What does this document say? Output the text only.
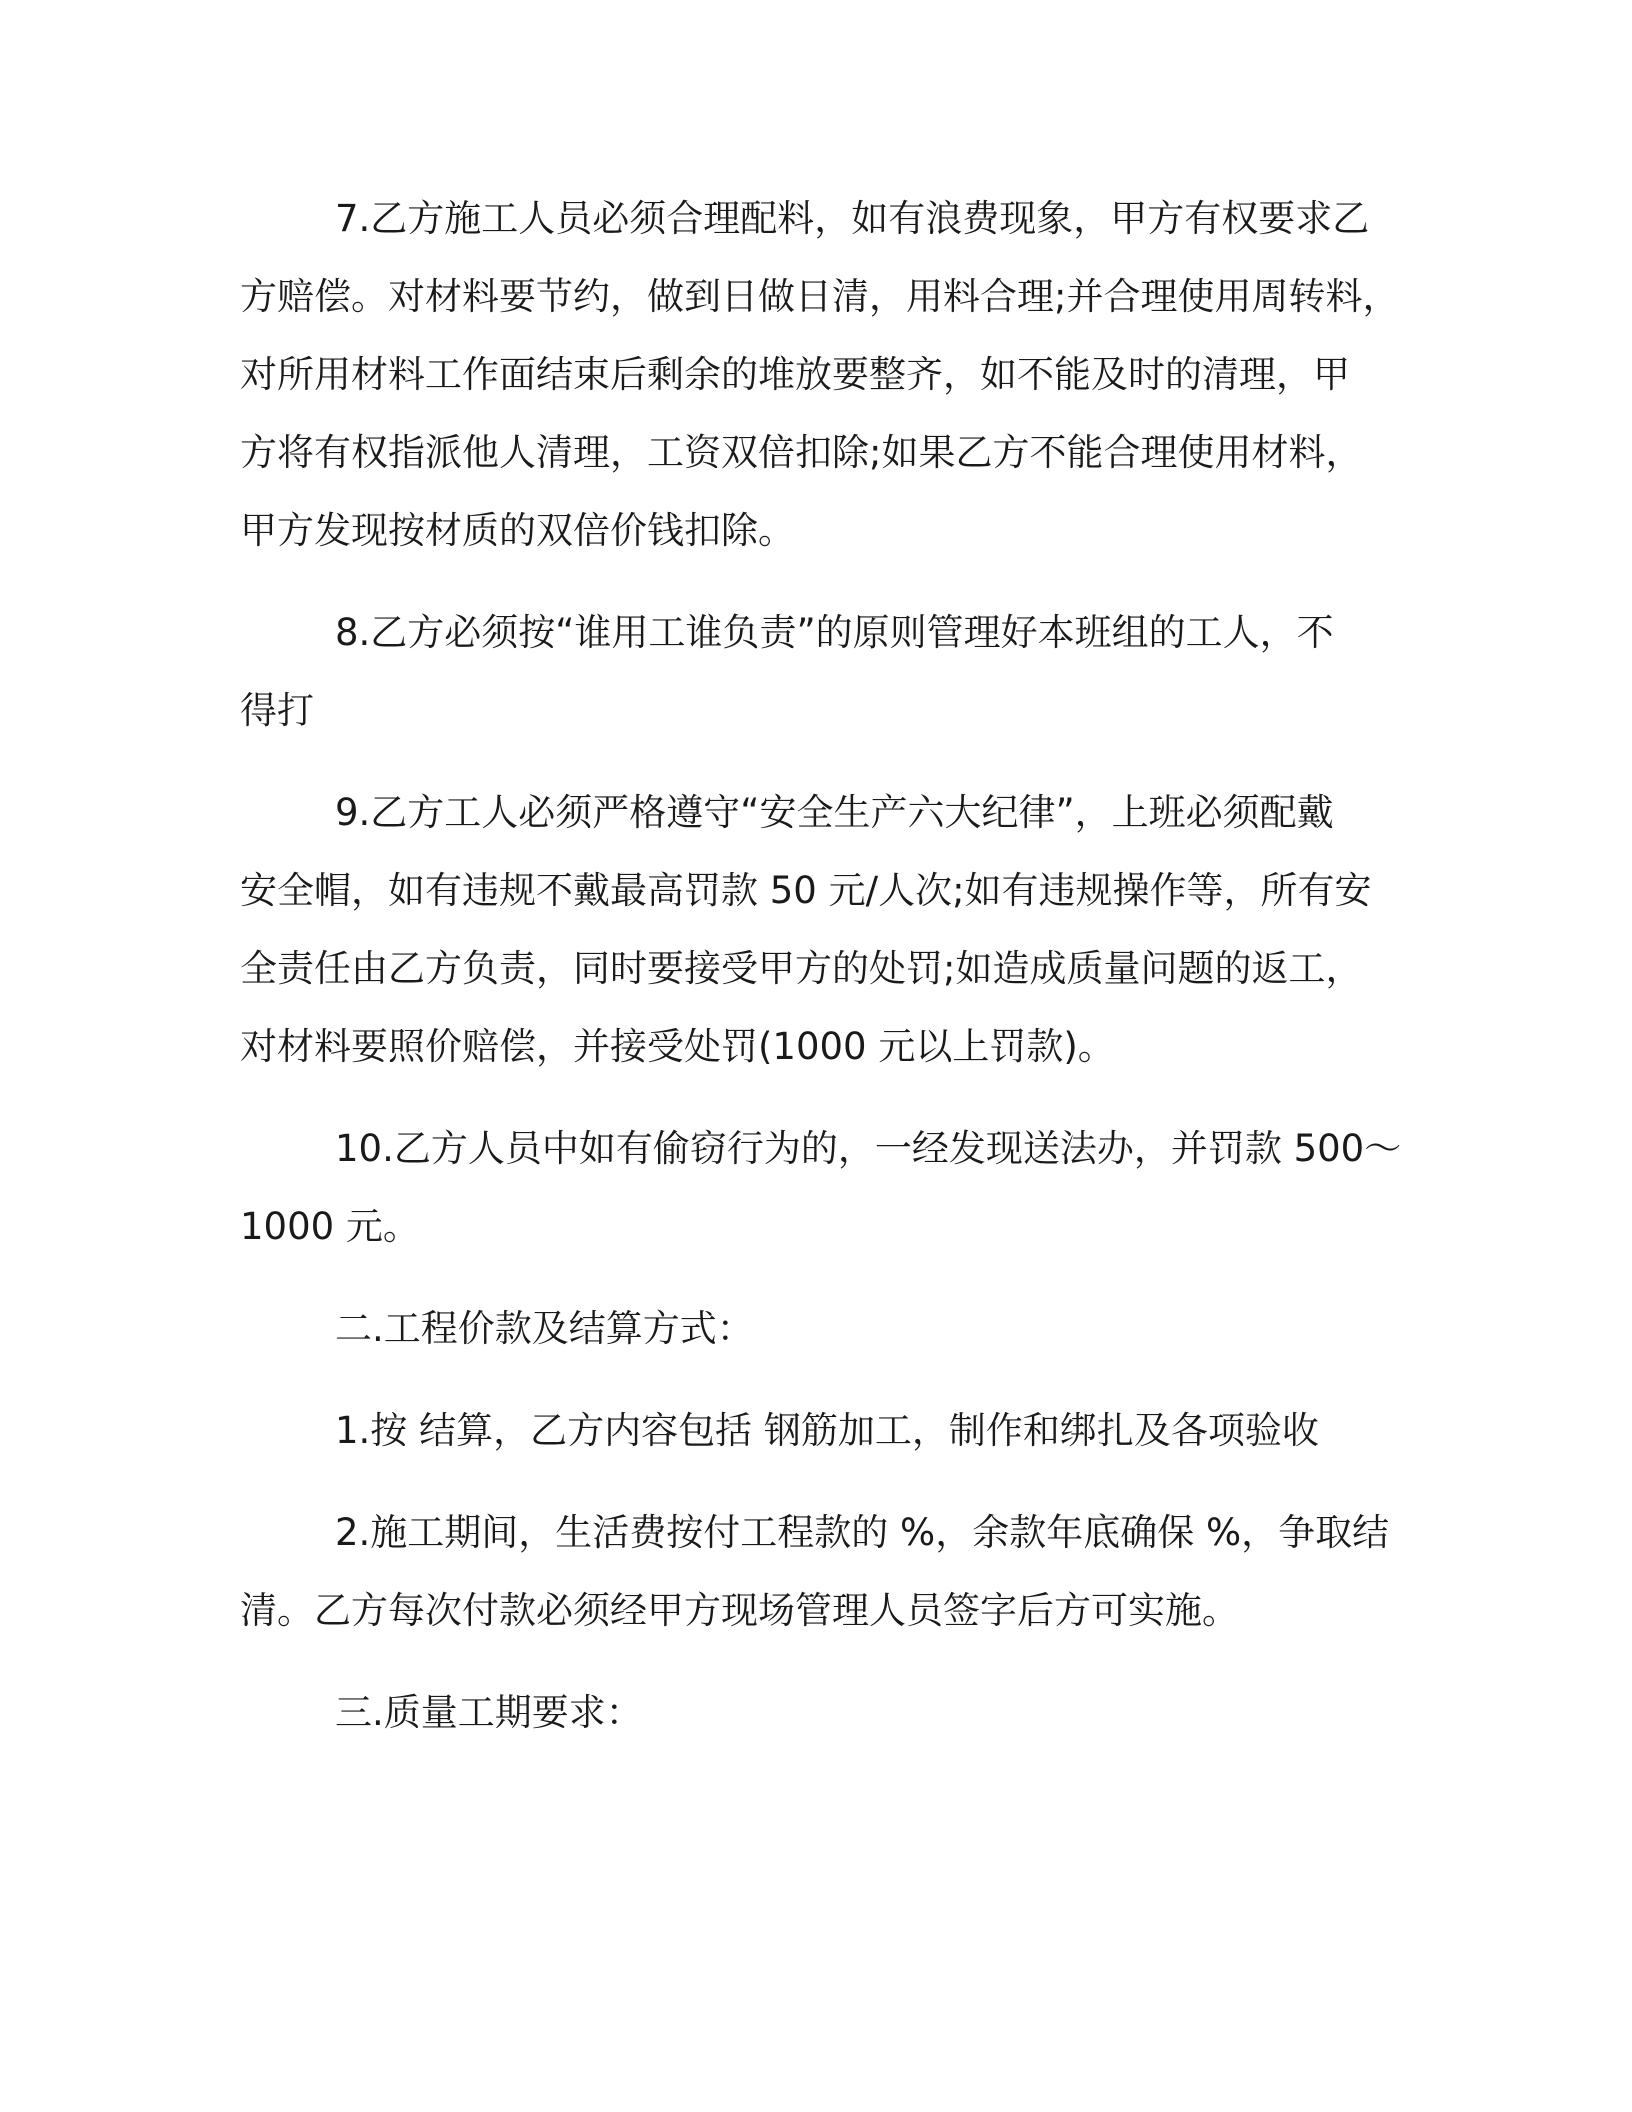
7.乙方施工人员必须合理配料，如有浪费现象，甲方有权要求乙
方赔偿。对材料要节约，做到日做日清，用料合理;并合理使用周转料，
对所用材料工作面结束后剩余的堆放要整齐，如不能及时的清理，甲
方将有权指派他人清理，工资双倍扣除;如果乙方不能合理使用材料，
甲方发现按材质的双倍价钱扣除。
8.乙方必须按“谁用工谁负责”的原则管理好本班组的工人，不
得打
9.乙方工人必须严格遵守“安全生产六大纪律”，上班必须配戴
安全帽，如有违规不戴最高罚款 50 元/人次;如有违规操作等，所有安
全责任由乙方负责，同时要接受甲方的处罚;如造成质量问题的返工，
对材料要照价赔偿，并接受处罚(1000 元以上罚款)。
10.乙方人员中如有偷窃行为的，一经发现送法办，并罚款 500～
1000 元。
二.工程价款及结算方式：
1.按 结算，乙方内容包括 钢筋加工，制作和绑扎及各项验收
2.施工期间，生活费按付工程款的 %，余款年底确保 %，争取结
清。乙方每次付款必须经甲方现场管理人员签字后方可实施。
三.质量工期要求：
